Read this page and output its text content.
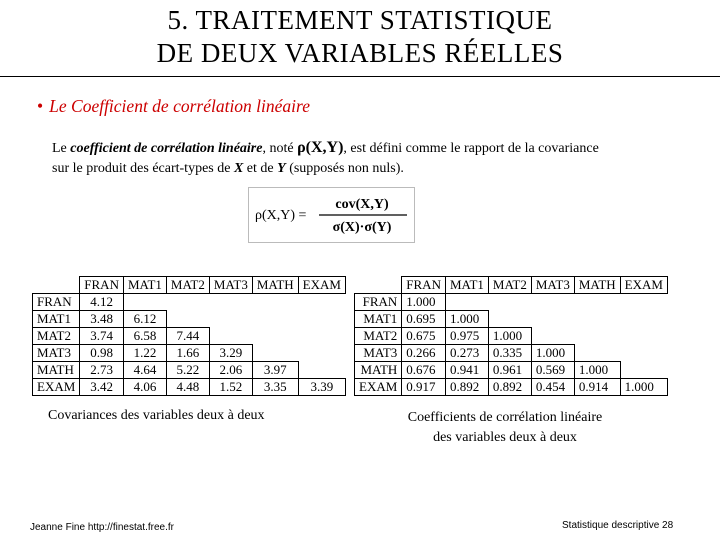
5. TRAITEMENT STATISTIQUE
DE DEUX VARIABLES RÉELLES
• Le Coefficient de corrélation linéaire
Le coefficient de corrélation linéaire, noté ρ(X,Y), est défini comme le rapport de la covariance
sur le produit des écart-types de X et de Y (supposés non nuls).
ρ(X,Y) =
cov(X,Y)
σ(X)·σ(Y)
	FRAN	MAT1	MAT2	MAT3	MATH	EXAM
FRAN	4.12					
MAT1	3.48	6.12				
MAT2	3.74	6.58	7.44			
MAT3	0.98	1.22	1.66	3.29		
MATH	2.73	4.64	5.22	2.06	3.97	
EXAM	3.42	4.06	4.48	1.52	3.35	3.39
Covariances des variables deux à deux
	FRAN	MAT1	MAT2	MAT3	MATH	EXAM
FRAN	1.000					
MAT1	0.695	1.000				
MAT2	0.675	0.975	1.000			
MAT3	0.266	0.273	0.335	1.000		
MATH	0.676	0.941	0.961	0.569	1.000	
EXAM	0.917	0.892	0.892	0.454	0.914	1.000
Coefficients de corrélation linéaire
des variables deux à deux
Jeanne Fine http://finestat.free.fr	Statistique descriptive 28
